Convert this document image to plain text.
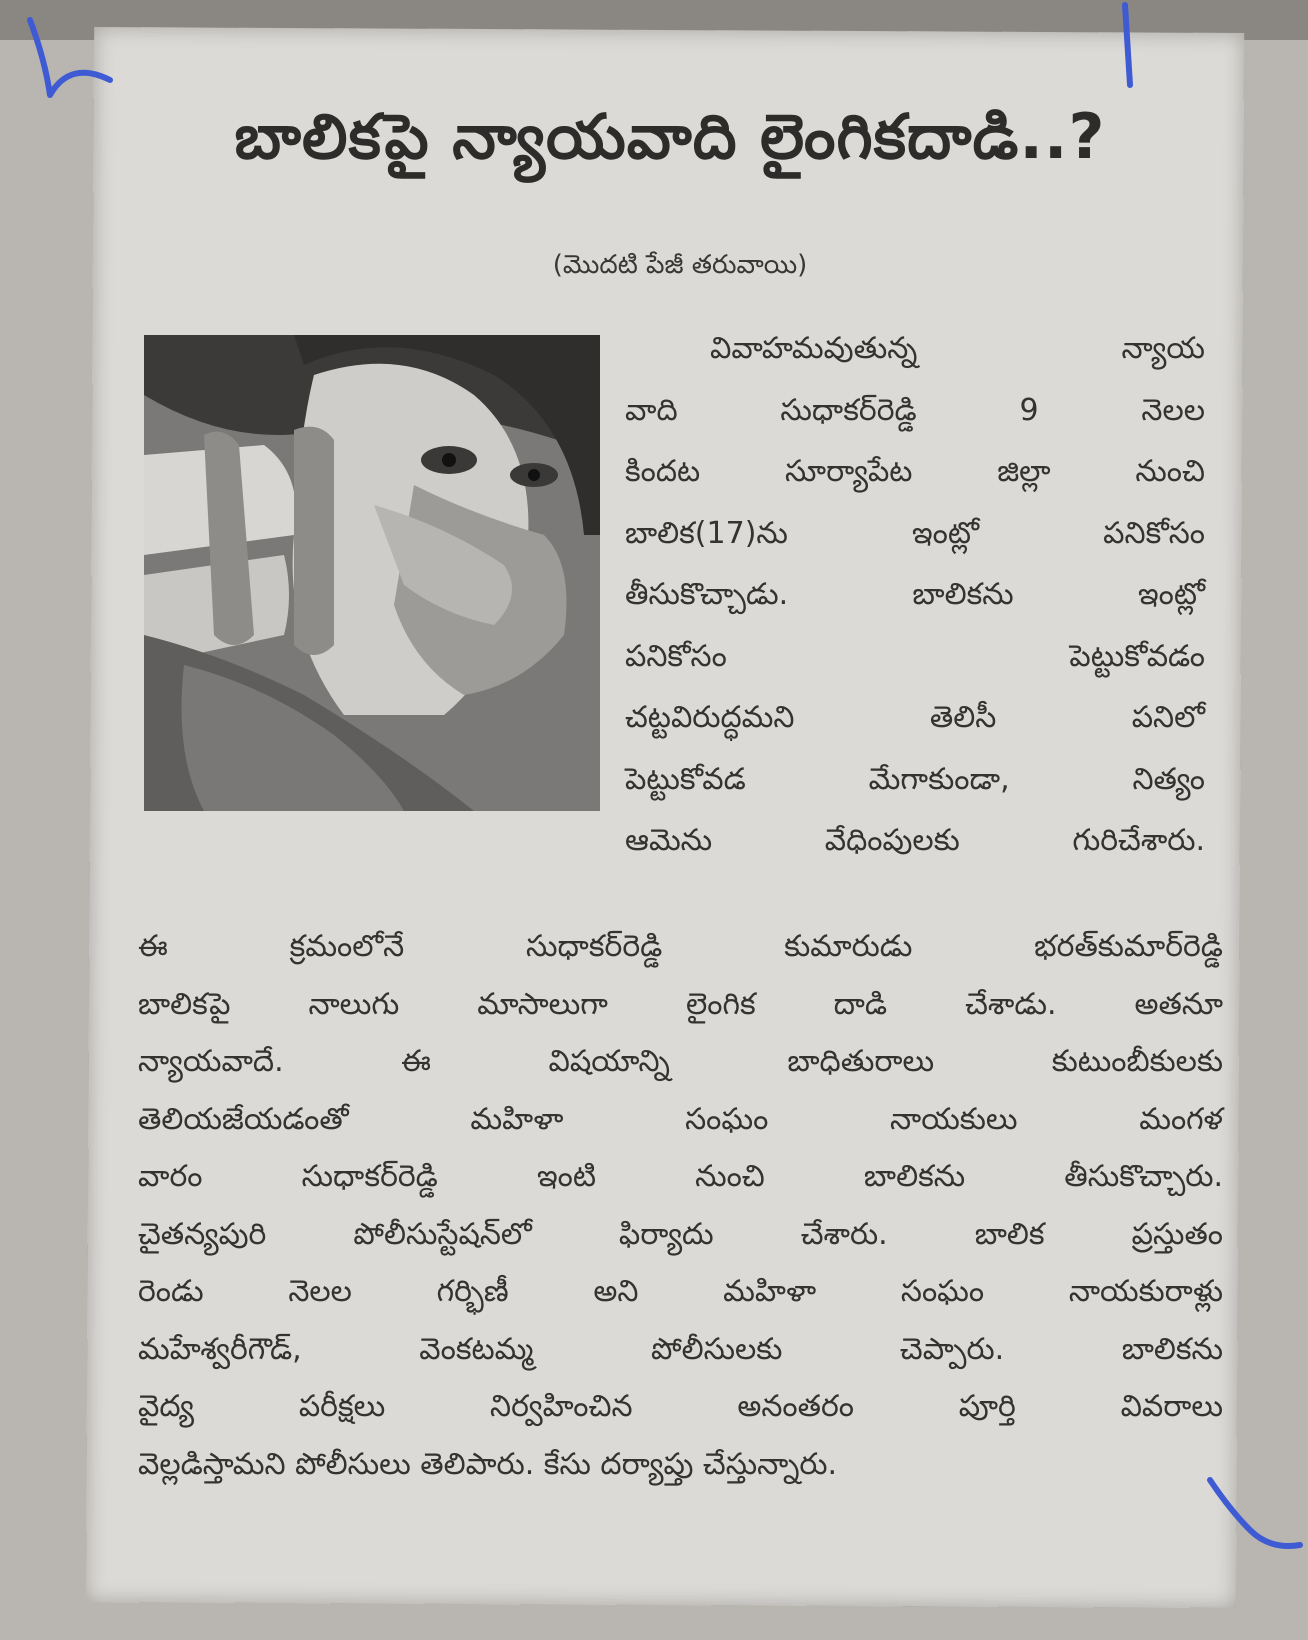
బాలికపై న్యాయవాది లైంగికదాడి..?
(మొదటి పేజీ తరువాయి)
వివాహమవుతున్న న్యాయ
వాది సుధాకర్‌రెడ్డి 9 నెలల
కిందట సూర్యాపేట జిల్లా నుంచి
బాలిక(17)ను ఇంట్లో పనికోసం
తీసుకొచ్చాడు. బాలికను ఇంట్లో
పనికోసం పెట్టుకోవడం
చట్టవిరుద్ధమని తెలిసీ పనిలో
పెట్టుకోవడ మేగాకుండా, నిత్యం
ఆమెను వేధింపులకు గురిచేశారు.
ఈ క్రమంలోనే సుధాకర్‌రెడ్డి కుమారుడు భరత్‌కుమార్‌రెడ్డి
బాలికపై నాలుగు మాసాలుగా లైంగిక దాడి చేశాడు. అతనూ
న్యాయవాదే. ఈ విషయాన్ని బాధితురాలు కుటుంబీకులకు
తెలియజేయడంతో మహిళా సంఘం నాయకులు మంగళ
వారం సుధాకర్‌రెడ్డి ఇంటి నుంచి బాలికను తీసుకొచ్చారు.
చైతన్యపురి పోలీసుస్టేషన్‌లో ఫిర్యాదు చేశారు. బాలిక ప్రస్తుతం
రెండు నెలల గర్భిణీ అని మహిళా సంఘం నాయకురాళ్లు
మహేశ్వరీగౌడ్, వెంకటమ్మ పోలీసులకు చెప్పారు. బాలికను
వైద్య పరీక్షలు నిర్వహించిన అనంతరం పూర్తి వివరాలు
వెల్లడిస్తామని పోలీసులు తెలిపారు. కేసు దర్యాప్తు చేస్తున్నారు.
